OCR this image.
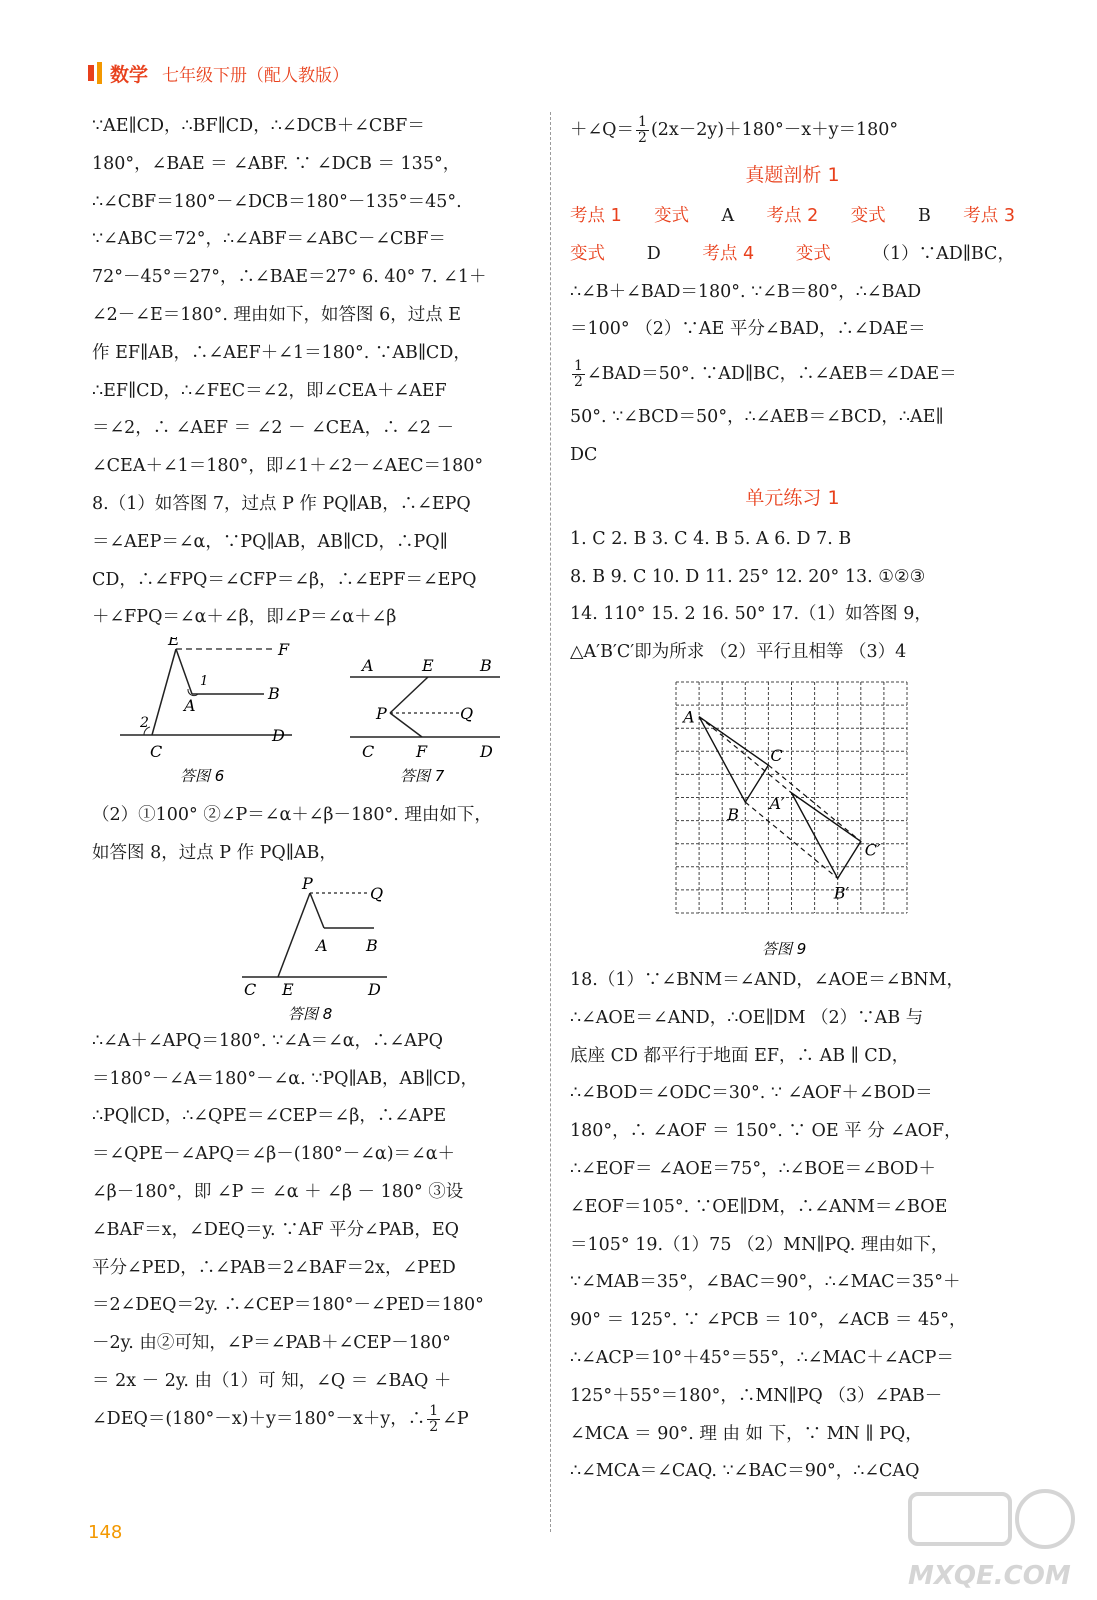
数学 七年级下册（配人教版）
∵AE∥CD，∴BF∥CD，∴∠DCB＋∠CBF＝
180°，∠BAE ＝ ∠ABF. ∵ ∠DCB ＝ 135°，
∴∠CBF＝180°－∠DCB＝180°－135°＝45°.
∵∠ABC＝72°，∴∠ABF＝∠ABC－∠CBF＝
72°－45°＝27°，∴∠BAE＝27° 6. 40° 7. ∠1＋
∠2－∠E＝180°. 理由如下，如答图 6，过点 E
作 EF∥AB，∴∠AEF＋∠1＝180°. ∵AB∥CD，
∴EF∥CD，∴∠FEC＝∠2，即∠CEA＋∠AEF
＝∠2，∴ ∠AEF ＝ ∠2 － ∠CEA，∴ ∠2 －
∠CEA＋∠1＝180°，即∠1＋∠2－∠AEC＝180°
8.（1）如答图 7，过点 P 作 PQ∥AB，∴∠EPQ
＝∠AEP＝∠α，∵PQ∥AB，AB∥CD，∴PQ∥
CD，∴∠FPQ＝∠CFP＝∠β，∴∠EPF＝∠EPQ
＋∠FPQ＝∠α＋∠β，即∠P＝∠α＋∠β
E
F
1
A
B
2
C
D
A	E	B
P	Q
C	F	D
答图 6	答图 7
（2）①100° ②∠P＝∠α＋∠β－180°. 理由如下，
如答图 8，过点 P 作 PQ∥AB，
P
Q
A B
C E	D
答图 8
∴∠A＋∠APQ＝180°. ∵∠A＝∠α，∴∠APQ
＝180°－∠A＝180°－∠α. ∵PQ∥AB，AB∥CD，
∴PQ∥CD，∴∠QPE＝∠CEP＝∠β，∴∠APE
＝∠QPE－∠APQ＝∠β－(180°－∠α)＝∠α＋
∠β－180°，即 ∠P ＝ ∠α ＋ ∠β － 180° ③设
∠BAF＝x，∠DEQ＝y. ∵AF 平分∠PAB，EQ
平分∠PED，∴∠PAB＝2∠BAF＝2x，∠PED
＝2∠DEQ＝2y. ∴∠CEP＝180°－∠PED＝180°
－2y. 由②可知，∠P＝∠PAB＋∠CEP－180°
＝ 2x － 2y. 由（1）可 知，∠Q ＝ ∠BAQ ＋
∠DEQ＝(180°－x)＋y＝180°－x＋y，∴ $\frac{1}{2}$ ∠P
＋∠Q＝ $\frac{1}{2} (2x-2y)+180^\circ-x+y=180^\circ$
真题剖析 1
考点 1 变式 A 考点 2 变式 B 考点 3
变式 D 考点 4 变式 （1）∵AD∥BC，
∴∠B＋∠BAD＝180°. ∵∠B＝80°，∴∠BAD
＝100° （2）∵AE 平分∠BAD，∴∠DAE＝
$\frac{1}{2}$ ∠BAD＝50°. ∵AD∥BC，∴∠AEB＝∠DAE＝
50°. ∵∠BCD＝50°，∴∠AEB＝∠BCD，∴AE∥
DC
单元练习 1
1. C 2. B 3. C 4. B 5. A 6. D 7. B
8. B 9. C 10. D 11. 25° 12. 20° 13. ①②③
14. 110° 15. 2 16. 50° 17.（1）如答图 9，
△A′B′C′即为所求 （2）平行且相等 （3）4
A
C
A′
B
C′
B′
答图 9
18.（1）∵∠BNM＝∠AND，∠AOE＝∠BNM，
∴∠AOE＝∠AND，∴OE∥DM （2）∵AB 与
底座 CD 都平行于地面 EF，∴ AB ∥ CD，
∴∠BOD＝∠ODC＝30°. ∵ ∠AOF＋∠BOD＝
180°，∴ ∠AOF ＝ 150°. ∵ OE 平 分 ∠AOF，
∴∠EOF＝ ∠AOE＝75°，∴∠BOE＝∠BOD＋
∠EOF＝105°. ∵OE∥DM，∴∠ANM＝∠BOE
＝105° 19.（1）75 （2）MN∥PQ. 理由如下，
∵∠MAB＝35°，∠BAC＝90°，∴∠MAC＝35°＋
90° ＝ 125°. ∵ ∠PCB ＝ 10°，∠ACB ＝ 45°，
∴∠ACP＝10°＋45°＝55°，∴∠MAC＋∠ACP＝
125°＋55°＝180°，∴MN∥PQ （3）∠PAB－
∠MCA ＝ 90°. 理 由 如 下，∵ MN ∥ PQ，
∴∠MCA＝∠CAQ. ∵∠BAC＝90°，∴∠CAQ
148
MXQE.COM
